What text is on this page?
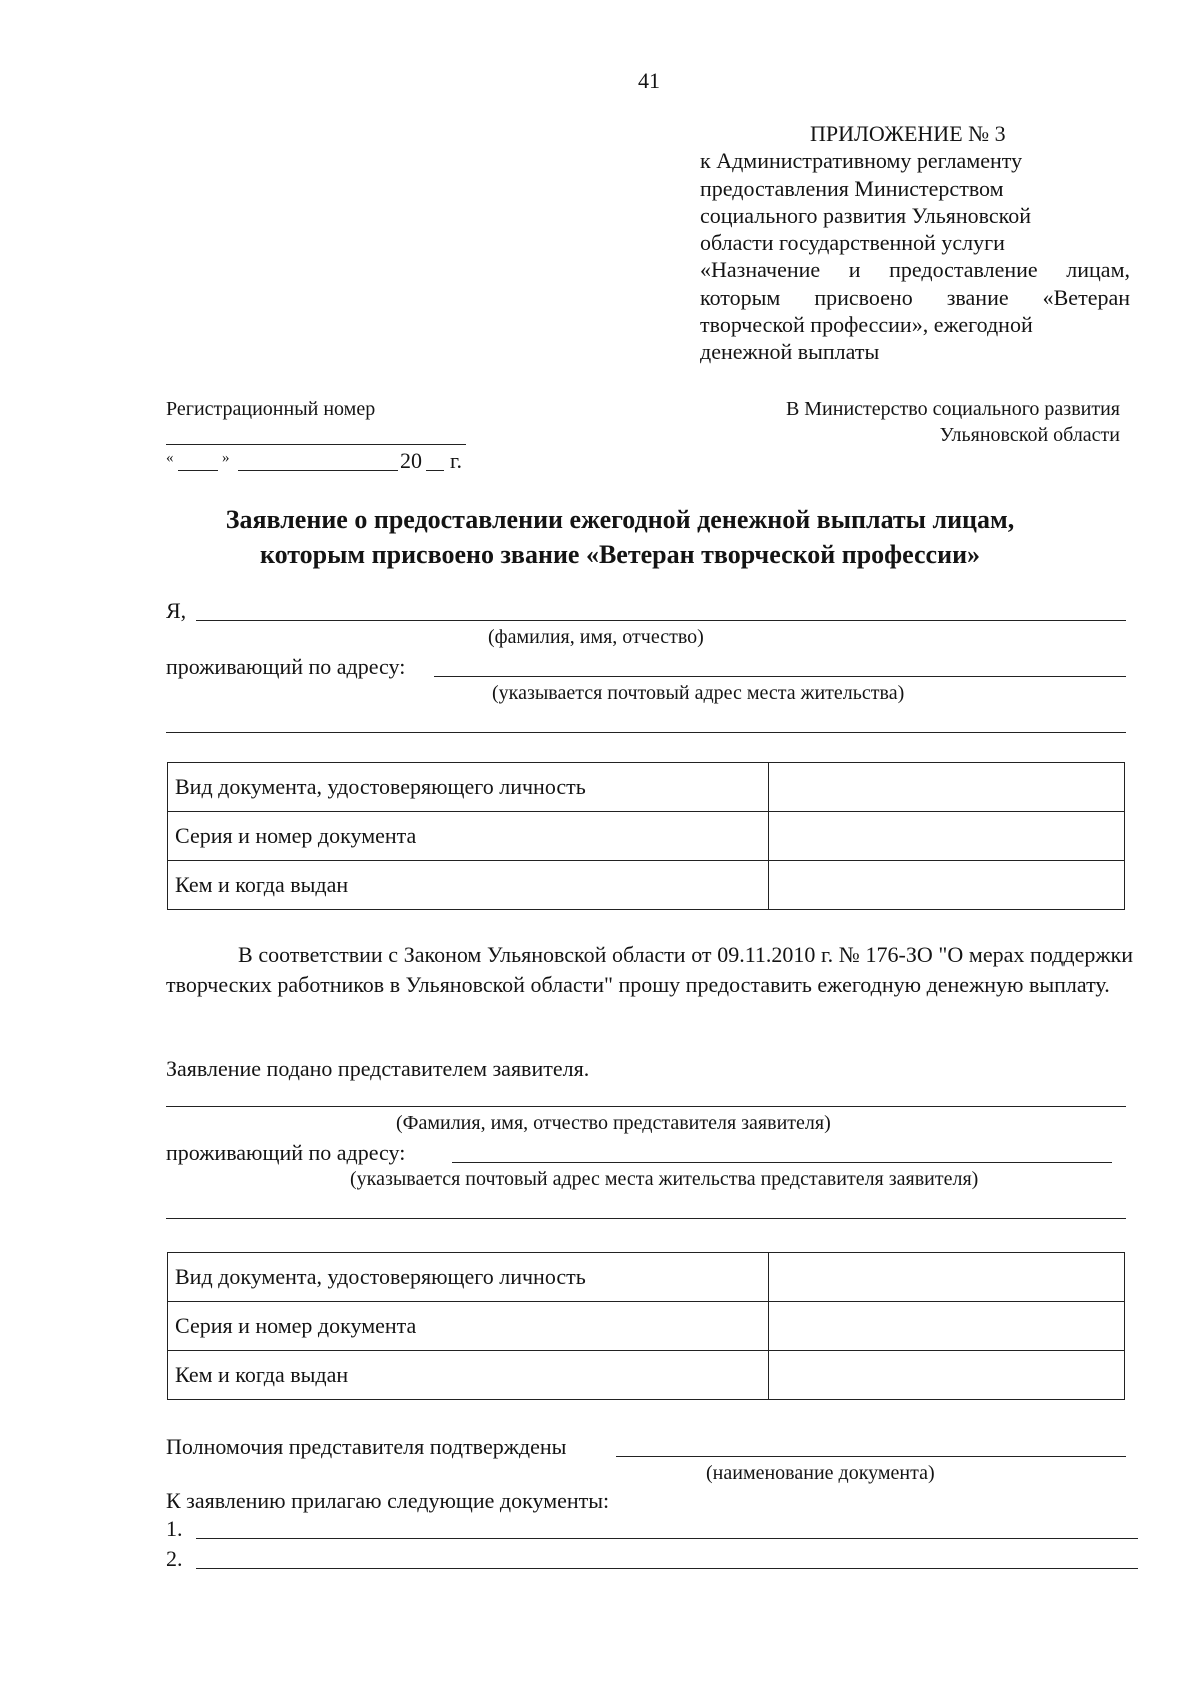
41
ПРИЛОЖЕНИЕ № 3
к Административному регламенту
предоставления Министерством
социального развития Ульяновской
области государственной услуги
«Назначение и предоставление лицам,
которым присвоено звание «Ветеран
творческой профессии», ежегодной
денежной выплаты
Регистрационный номер
«	»	20 г.
В Министерство социального развития
Ульяновской области
Заявление о предоставлении ежегодной денежной выплаты лицам,
которым присвоено звание «Ветеран творческой профессии»
Я,
(фамилия, имя, отчество)
проживающий по адресу:
(указывается почтовый адрес места жительства)
Вид документа, удостоверяющего личность	
Серия и номер документа	
Кем и когда выдан	

В соответствии с Законом Ульяновской области от 09.11.2010 г. № 176-ЗО "О мерах поддержки творческих работников в Ульяновской области" прошу предоставить ежегодную денежную выплату.

Заявление подано представителем заявителя.
(Фамилия, имя, отчество представителя заявителя)
проживающий по адресу:
(указывается почтовый адрес места жительства представителя заявителя)
Вид документа, удостоверяющего личность	
Серия и номер документа	
Кем и когда выдан	
Полномочия представителя подтверждены
(наименование документа)
К заявлению прилагаю следующие документы:
1.
2.
